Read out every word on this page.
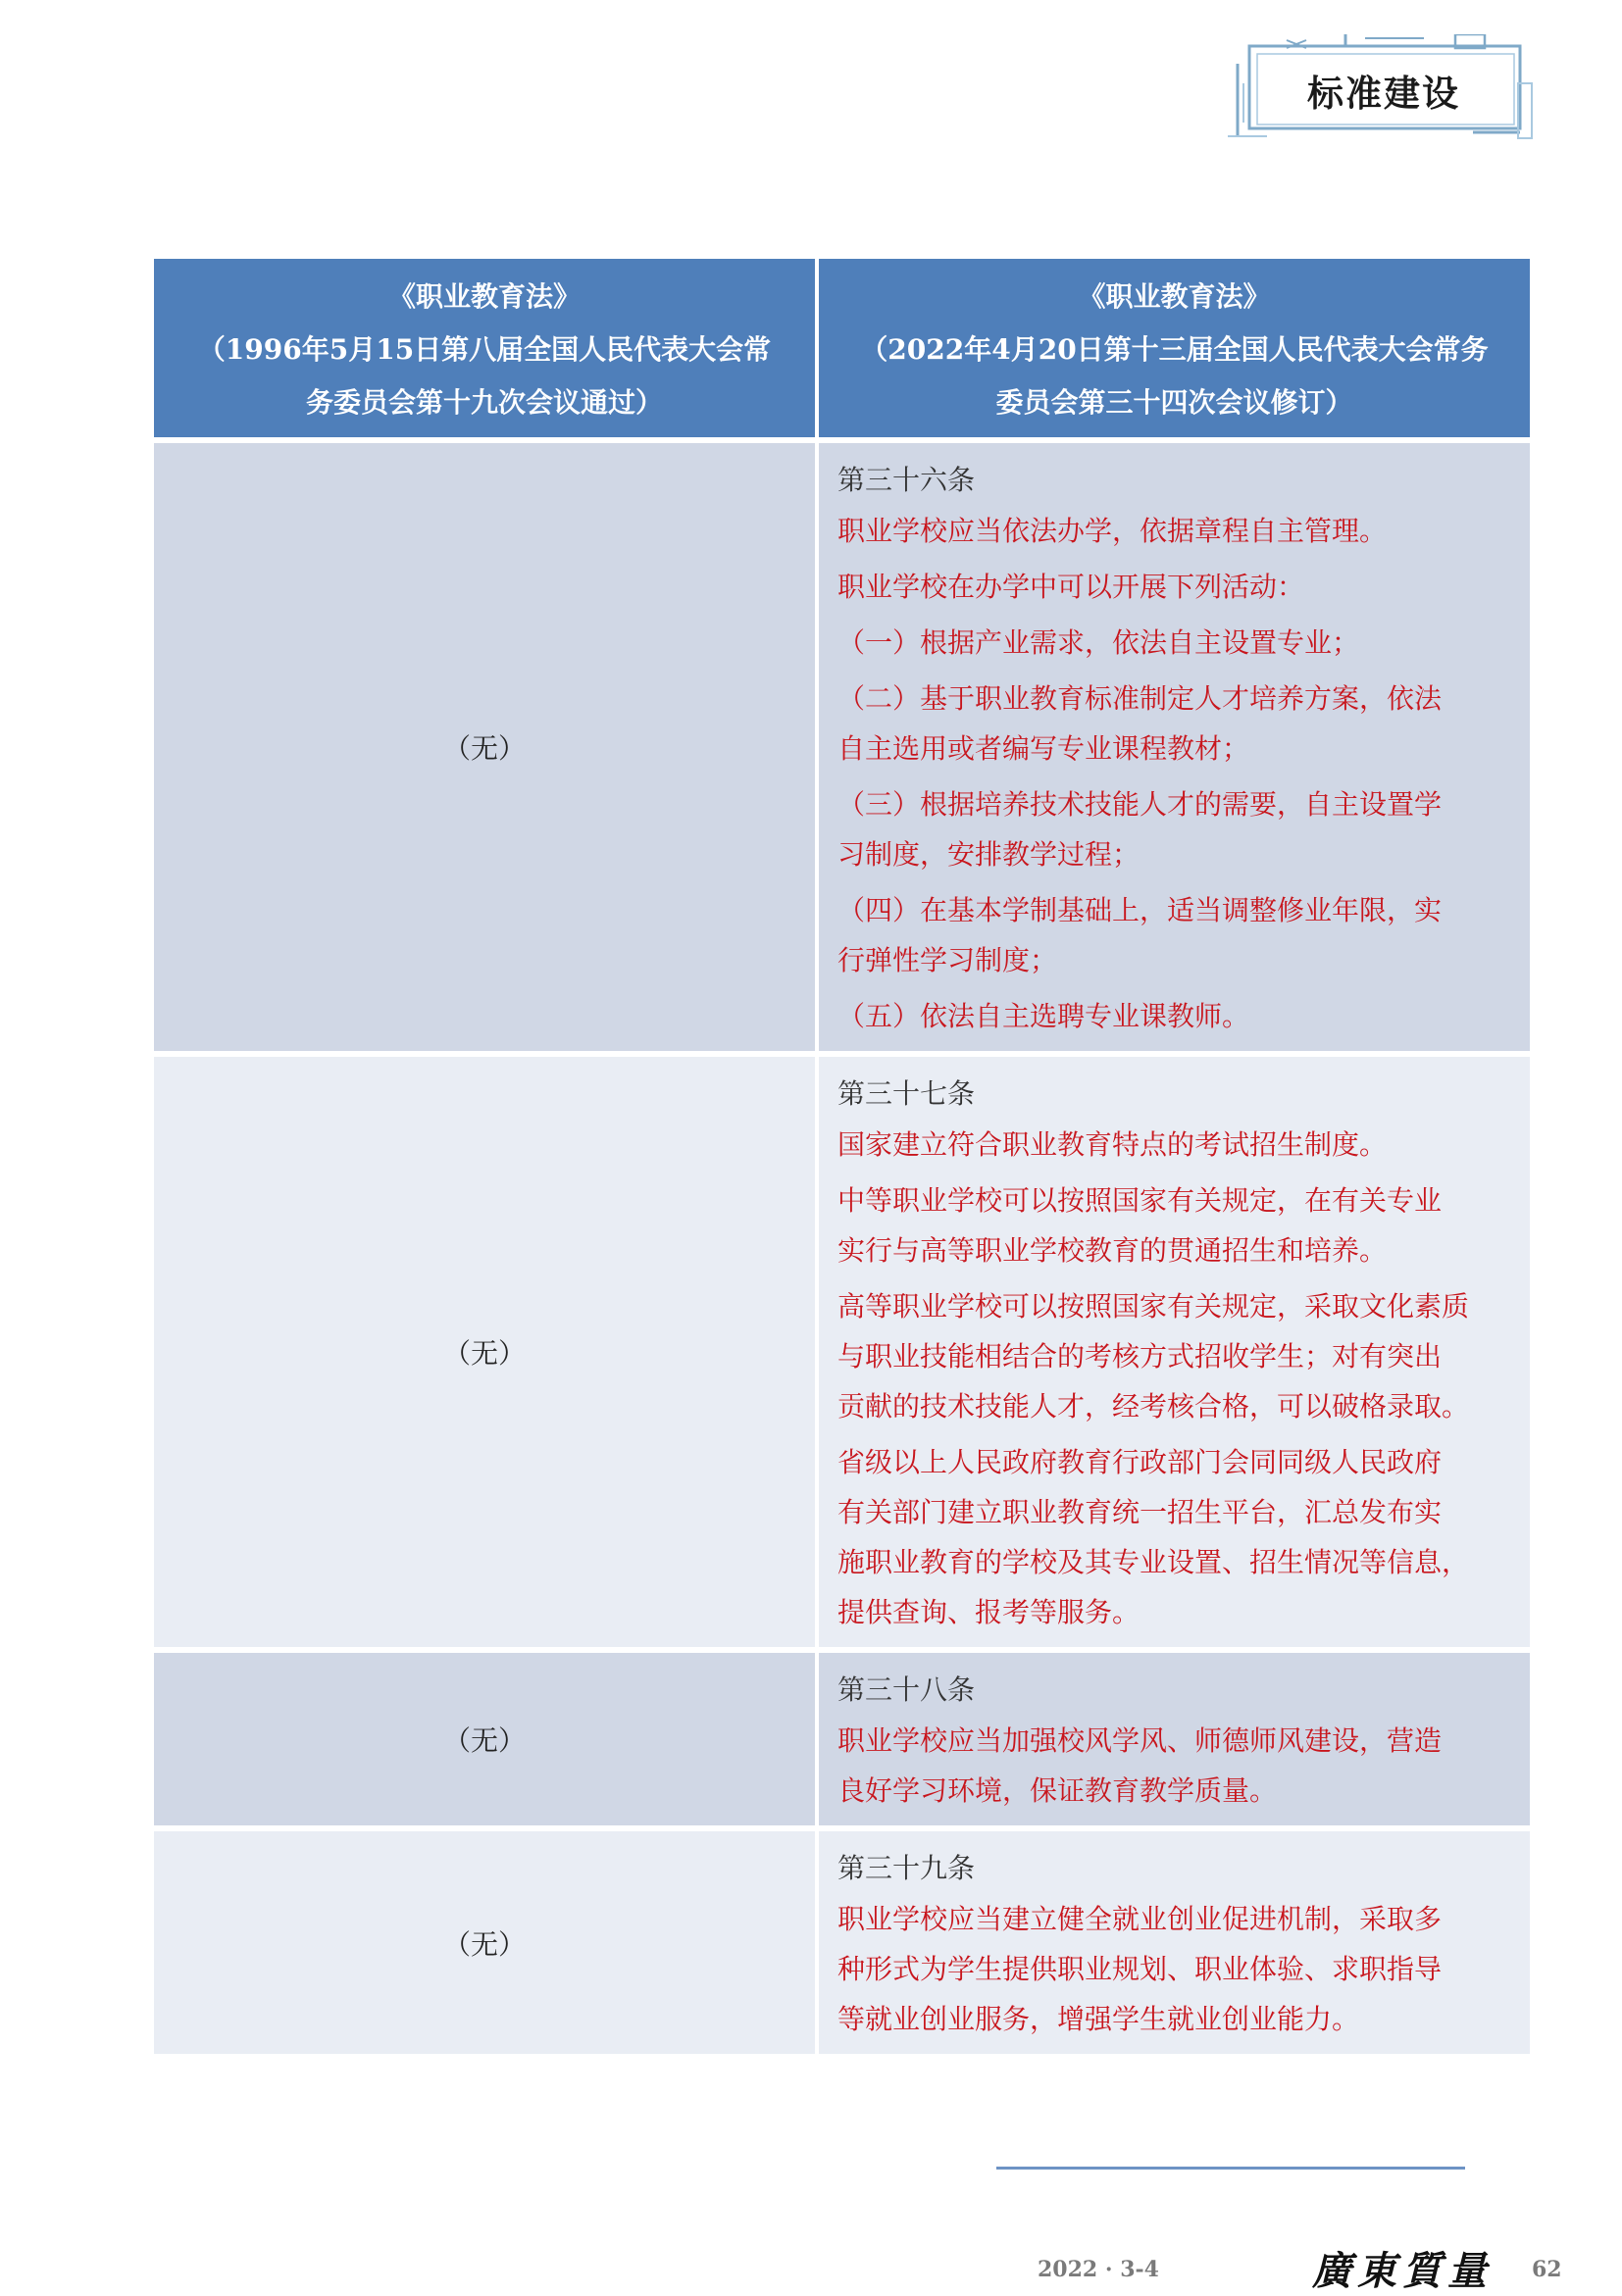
标准建设
《职业教育法》
（1996年5月15日第八届全国人民代表大会常
务委员会第十九次会议通过）
《职业教育法》
（2022年4月20日第十三届全国人民代表大会常务
委员会第三十四次会议修订）
（无）
第三十六条
职业学校应当依法办学，依据章程自主管理。
职业学校在办学中可以开展下列活动：
（一）根据产业需求，依法自主设置专业；
（二）基于职业教育标准制定人才培养方案，依法
自主选用或者编写专业课程教材；
（三）根据培养技术技能人才的需要，自主设置学
习制度，安排教学过程；
（四）在基本学制基础上，适当调整修业年限，实
行弹性学习制度；
（五）依法自主选聘专业课教师。
（无）
第三十七条
国家建立符合职业教育特点的考试招生制度。
中等职业学校可以按照国家有关规定，在有关专业
实行与高等职业学校教育的贯通招生和培养。
高等职业学校可以按照国家有关规定，采取文化素质
与职业技能相结合的考核方式招收学生；对有突出
贡献的技术技能人才，经考核合格，可以破格录取。
省级以上人民政府教育行政部门会同同级人民政府
有关部门建立职业教育统一招生平台，汇总发布实
施职业教育的学校及其专业设置、招生情况等信息，
提供查询、报考等服务。
（无）
第三十八条
职业学校应当加强校风学风、师德师风建设，营造
良好学习环境，保证教育教学质量。
（无）
第三十九条
职业学校应当建立健全就业创业促进机制，采取多
种形式为学生提供职业规划、职业体验、求职指导
等就业创业服务，增强学生就业创业能力。
2022 · 3-4	廣東質量 62
